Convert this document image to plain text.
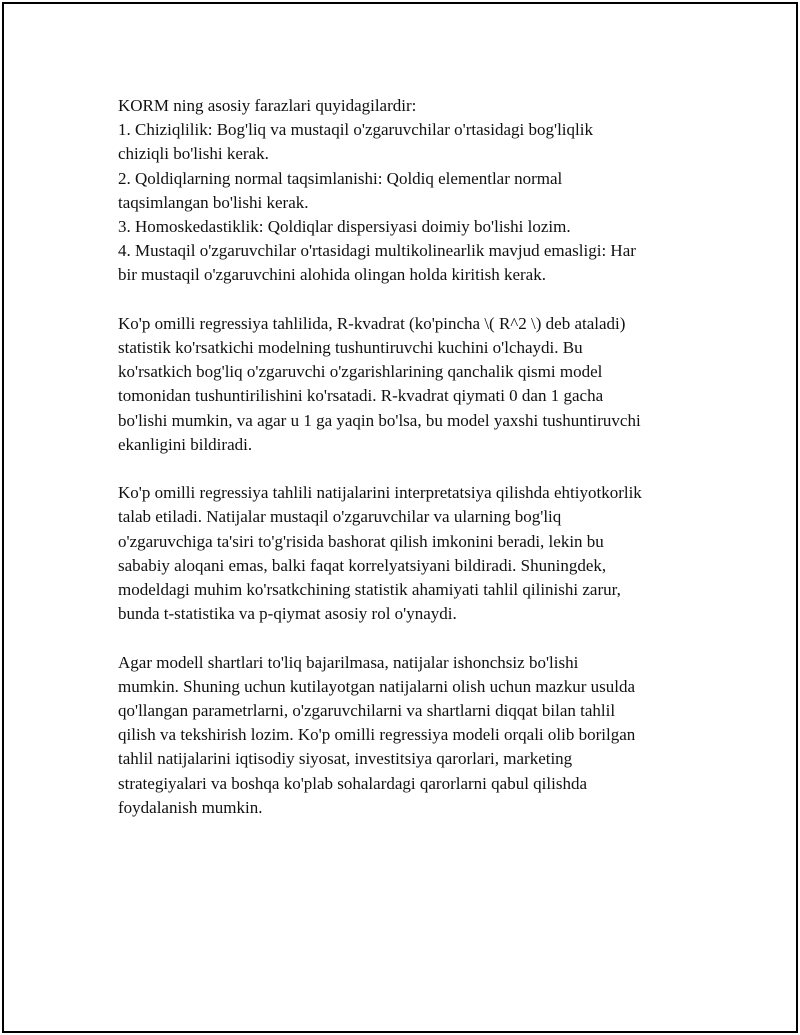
KORM ning asosiy farazlari quyidagilardir:
1. Chiziqlilik: Bog'liq va mustaqil o'zgaruvchilar o'rtasidagi bog'liqlik
chiziqli bo'lishi kerak.
2. Qoldiqlarning normal taqsimlanishi: Qoldiq elementlar normal
taqsimlangan bo'lishi kerak.
3. Homoskedastiklik: Qoldiqlar dispersiyasi doimiy bo'lishi lozim.
4. Mustaqil o'zgaruvchilar o'rtasidagi multikolinearlik mavjud emasligi: Har
bir mustaqil o'zgaruvchini alohida olingan holda kiritish kerak.

Ko'p omilli regressiya tahlilida, R-kvadrat (ko'pincha \( R^2 \) deb ataladi)
statistik ko'rsatkichi modelning tushuntiruvchi kuchini o'lchaydi. Bu
ko'rsatkich bog'liq o'zgaruvchi o'zgarishlarining qanchalik qismi model
tomonidan tushuntirilishini ko'rsatadi. R-kvadrat qiymati 0 dan 1 gacha
bo'lishi mumkin, va agar u 1 ga yaqin bo'lsa, bu model yaxshi tushuntiruvchi
ekanligini bildiradi.

Ko'p omilli regressiya tahlili natijalarini interpretatsiya qilishda ehtiyotkorlik
talab etiladi. Natijalar mustaqil o'zgaruvchilar va ularning bog'liq
o'zgaruvchiga ta'siri to'g'risida bashorat qilish imkonini beradi, lekin bu
sababiy aloqani emas, balki faqat korrelyatsiyani bildiradi. Shuningdek,
modeldagi muhim ko'rsatkchining statistik ahamiyati tahlil qilinishi zarur,
bunda t-statistika va p-qiymat asosiy rol o'ynaydi.

Agar modell shartlari to'liq bajarilmasa, natijalar ishonchsiz bo'lishi
mumkin. Shuning uchun kutilayotgan natijalarni olish uchun mazkur usulda
qo'llangan parametrlarni, o'zgaruvchilarni va shartlarni diqqat bilan tahlil
qilish va tekshirish lozim. Ko'p omilli regressiya modeli orqali olib borilgan
tahlil natijalarini iqtisodiy siyosat, investitsiya qarorlari, marketing
strategiyalari va boshqa ko'plab sohalardagi qarorlarni qabul qilishda
foydalanish mumkin.
